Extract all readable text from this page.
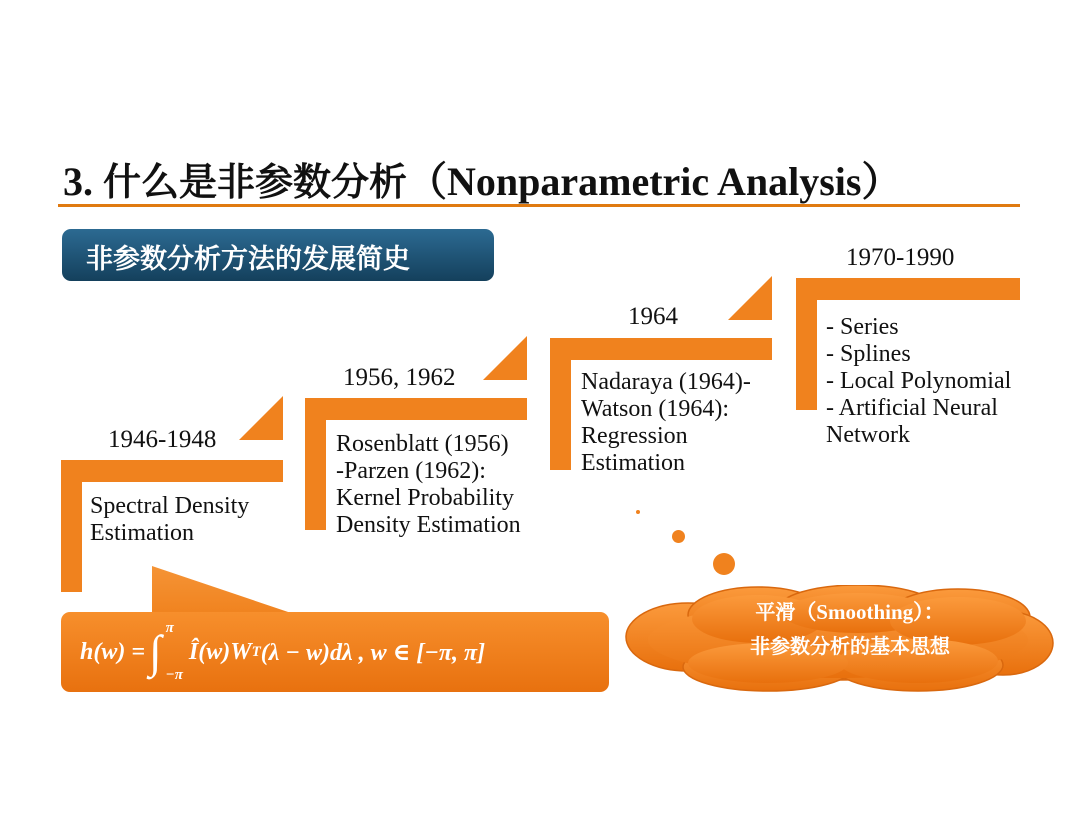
3. 什么是非参数分析（Nonparametric Analysis）
非参数分析方法的发展简史
1946-1948
Spectral Density
Estimation
1956, 1962
Rosenblatt (1956)
-Parzen (1962):
Kernel Probability
Density Estimation
1964
Nadaraya (1964)-
Watson (1964):
Regression
Estimation
1970-1990
- Series
- Splines
- Local Polynomial
- Artificial Neural
Network
h(w) = ∫ π
−π
Î(w)W T (λ − w)dλ , w ∈ [−π, π]
平滑（Smoothing）：
非参数分析的基本思想
